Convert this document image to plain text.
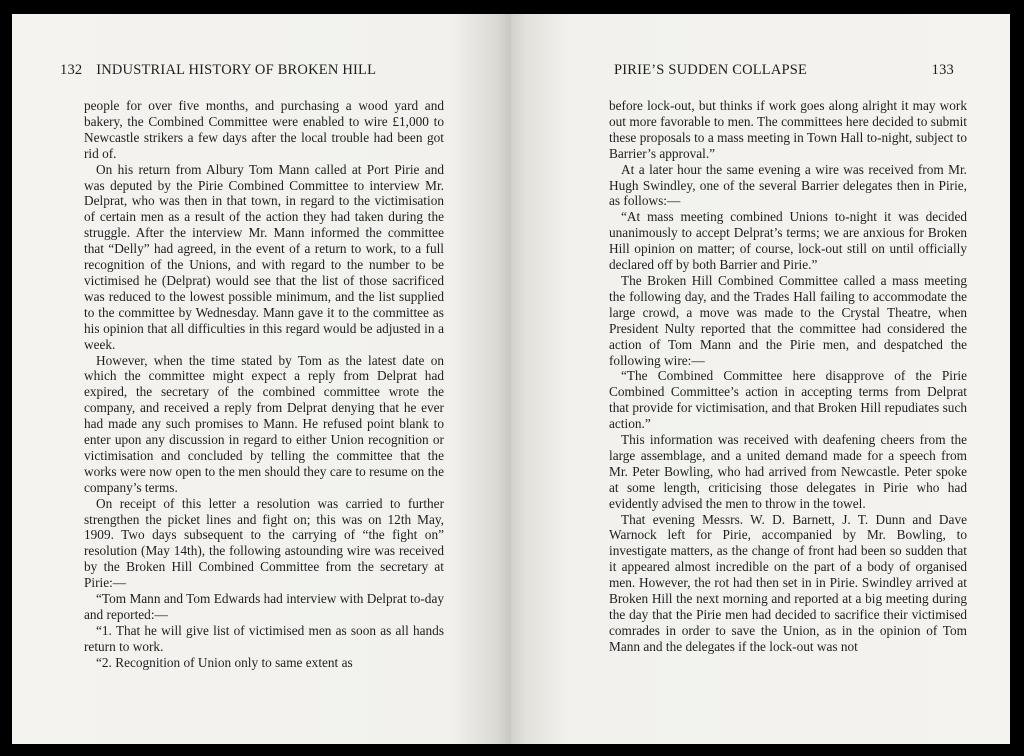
132 INDUSTRIAL HISTORY OF BROKEN HILL

people for over five months, and purchasing a wood yard and bakery, the Combined Committee were enabled to wire £1,000 to Newcastle strikers a few days after the local trouble had been got rid of.

On his return from Albury Tom Mann called at Port Pirie and was deputed by the Pirie Combined Committee to interview Mr. Delprat, who was then in that town, in regard to the victimisation of certain men as a result of the action they had taken during the struggle. After the interview Mr. Mann informed the committee that “Delly” had agreed, in the event of a return to work, to a full recognition of the Unions, and with regard to the number to be victimised he (Delprat) would see that the list of those sacrificed was reduced to the lowest possible minimum, and the list supplied to the committee by Wednesday. Mann gave it to the committee as his opinion that all difficulties in this regard would be adjusted in a week.

However, when the time stated by Tom as the latest date on which the committee might expect a reply from Delprat had expired, the secretary of the combined committee wrote the company, and received a reply from Delprat denying that he ever had made any such promises to Mann. He refused point blank to enter upon any discussion in regard to either Union recognition or victimisation and concluded by telling the committee that the works were now open to the men should they care to resume on the company’s terms.

On receipt of this letter a resolution was carried to further strengthen the picket lines and fight on; this was on 12th May, 1909. Two days subsequent to the carrying of “the fight on” resolution (May 14th), the following astounding wire was received by the Broken Hill Combined Committee from the secretary at Pirie:—

“Tom Mann and Tom Edwards had interview with Delprat to-day and reported:—

“1. That he will give list of victimised men as soon as all hands return to work.

“2. Recognition of Union only to same extent as

PIRIE’S SUDDEN COLLAPSE	133

before lock-out, but thinks if work goes along alright it may work out more favorable to men. The committees here decided to submit these proposals to a mass meeting in Town Hall to-night, subject to Barrier’s approval.”

At a later hour the same evening a wire was received from Mr. Hugh Swindley, one of the several Barrier delegates then in Pirie, as follows:—

“At mass meeting combined Unions to-night it was decided unanimously to accept Delprat’s terms; we are anxious for Broken Hill opinion on matter; of course, lock-out still on until officially declared off by both Barrier and Pirie.”

The Broken Hill Combined Committee called a mass meeting the following day, and the Trades Hall failing to accommodate the large crowd, a move was made to the Crystal Theatre, when President Nulty reported that the committee had considered the action of Tom Mann and the Pirie men, and despatched the following wire:—

“The Combined Committee here disapprove of the Pirie Combined Committee’s action in accepting terms from Delprat that provide for victimisation, and that Broken Hill repudiates such action.”

This information was received with deafening cheers from the large assemblage, and a united demand made for a speech from Mr. Peter Bowling, who had arrived from Newcastle. Peter spoke at some length, criticising those delegates in Pirie who had evidently advised the men to throw in the towel.

That evening Messrs. W. D. Barnett, J. T. Dunn and Dave Warnock left for Pirie, accompanied by Mr. Bowling, to investigate matters, as the change of front had been so sudden that it appeared almost incredible on the part of a body of organised men. However, the rot had then set in in Pirie. Swindley arrived at Broken Hill the next morning and reported at a big meeting during the day that the Pirie men had decided to sacrifice their victimised comrades in order to save the Union, as in the opinion of Tom Mann and the delegates if the lock-out was not
